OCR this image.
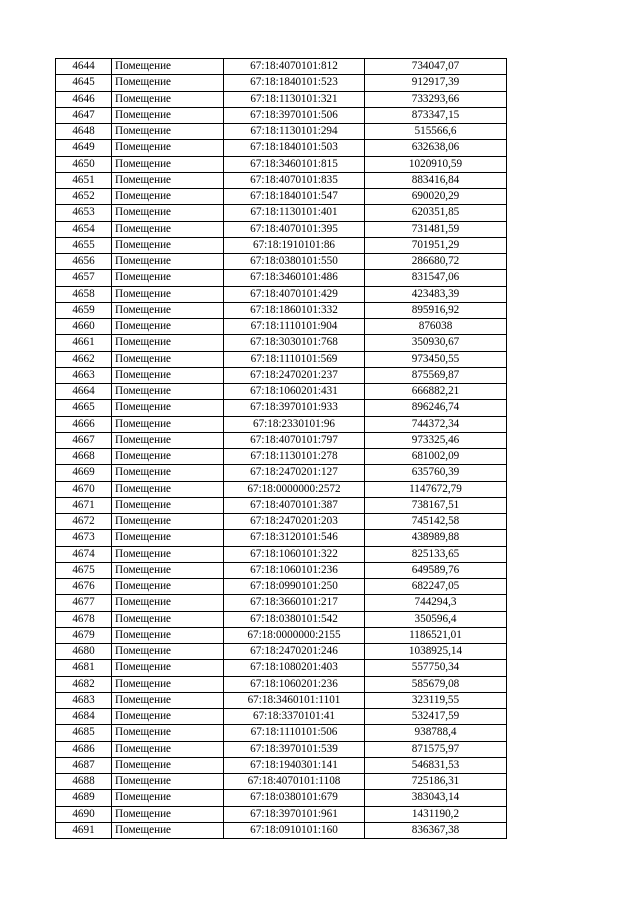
4644	Помещение	67:18:4070101:812	734047,07
4645	Помещение	67:18:1840101:523	912917,39
4646	Помещение	67:18:1130101:321	733293,66
4647	Помещение	67:18:3970101:506	873347,15
4648	Помещение	67:18:1130101:294	515566,6
4649	Помещение	67:18:1840101:503	632638,06
4650	Помещение	67:18:3460101:815	1020910,59
4651	Помещение	67:18:4070101:835	883416,84
4652	Помещение	67:18:1840101:547	690020,29
4653	Помещение	67:18:1130101:401	620351,85
4654	Помещение	67:18:4070101:395	731481,59
4655	Помещение	67:18:1910101:86	701951,29
4656	Помещение	67:18:0380101:550	286680,72
4657	Помещение	67:18:3460101:486	831547,06
4658	Помещение	67:18:4070101:429	423483,39
4659	Помещение	67:18:1860101:332	895916,92
4660	Помещение	67:18:1110101:904	876038
4661	Помещение	67:18:3030101:768	350930,67
4662	Помещение	67:18:1110101:569	973450,55
4663	Помещение	67:18:2470201:237	875569,87
4664	Помещение	67:18:1060201:431	666882,21
4665	Помещение	67:18:3970101:933	896246,74
4666	Помещение	67:18:2330101:96	744372,34
4667	Помещение	67:18:4070101:797	973325,46
4668	Помещение	67:18:1130101:278	681002,09
4669	Помещение	67:18:2470201:127	635760,39
4670	Помещение	67:18:0000000:2572	1147672,79
4671	Помещение	67:18:4070101:387	738167,51
4672	Помещение	67:18:2470201:203	745142,58
4673	Помещение	67:18:3120101:546	438989,88
4674	Помещение	67:18:1060101:322	825133,65
4675	Помещение	67:18:1060101:236	649589,76
4676	Помещение	67:18:0990101:250	682247,05
4677	Помещение	67:18:3660101:217	744294,3
4678	Помещение	67:18:0380101:542	350596,4
4679	Помещение	67:18:0000000:2155	1186521,01
4680	Помещение	67:18:2470201:246	1038925,14
4681	Помещение	67:18:1080201:403	557750,34
4682	Помещение	67:18:1060201:236	585679,08
4683	Помещение	67:18:3460101:1101	323119,55
4684	Помещение	67:18:3370101:41	532417,59
4685	Помещение	67:18:1110101:506	938788,4
4686	Помещение	67:18:3970101:539	871575,97
4687	Помещение	67:18:1940301:141	546831,53
4688	Помещение	67:18:4070101:1108	725186,31
4689	Помещение	67:18:0380101:679	383043,14
4690	Помещение	67:18:3970101:961	1431190,2
4691	Помещение	67:18:0910101:160	836367,38
